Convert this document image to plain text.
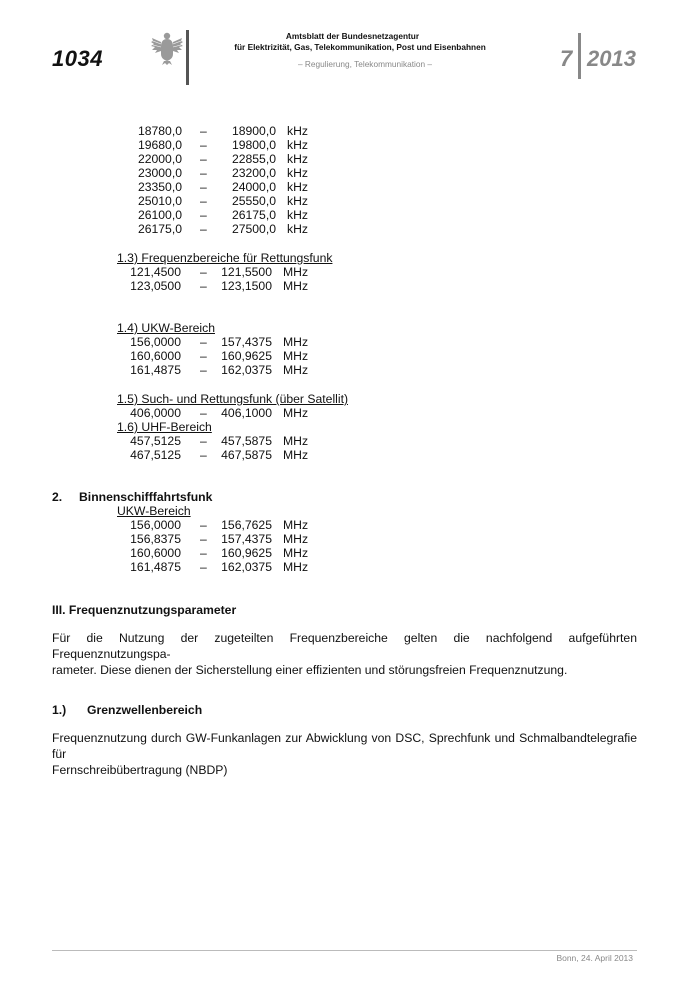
1034
Amtsblatt der Bundesnetzagentur
für Elektrizität, Gas, Telekommunikation, Post und Eisenbahnen
– Regulierung, Telekommunikation –	7 2013
18780,0 –	18900,0 kHz
19680,0 –	19800,0 kHz
22000,0 –	22855,0 kHz
23000,0 –	23200,0 kHz
23350,0 –	24000,0 kHz
25010,0 –	25550,0 kHz
26100,0 –	26175,0 kHz
26175,0 –	27500,0 kHz
1.3) Frequenzbereiche für Rettungsfunk
121,4500 –	121,5500 MHz
123,0500 –	123,1500 MHz
1.4) UKW-Bereich
156,0000 –	157,4375 MHz
160,6000 –	160,9625 MHz
161,4875 –	162,0375 MHz
1.5) Such- und Rettungsfunk (über Satellit)
406,0000 –	406,1000 MHz
1.6) UHF-Bereich
457,5125 –	457,5875 MHz
467,5125 –	467,5875 MHz
2. Binnenschifffahrtsfunk
UKW-Bereich
156,0000 –	156,7625 MHz
156,8375 –	157,4375 MHz
160,6000 –	160,9625 MHz
161,4875 –	162,0375 MHz
III. Frequenznutzungsparameter
Für die Nutzung der zugeteilten Frequenzbereiche gelten die nachfolgend aufgeführten Frequenznutzungspa-
rameter. Diese dienen der Sicherstellung einer effizienten und störungsfreien Frequenznutzung.
1.) Grenzwellenbereich
Frequenznutzung durch GW-Funkanlagen zur Abwicklung von DSC, Sprechfunk und Schmalbandtelegrafie für
Fernschreibübertragung (NBDP)
Bonn, 24. April 2013
